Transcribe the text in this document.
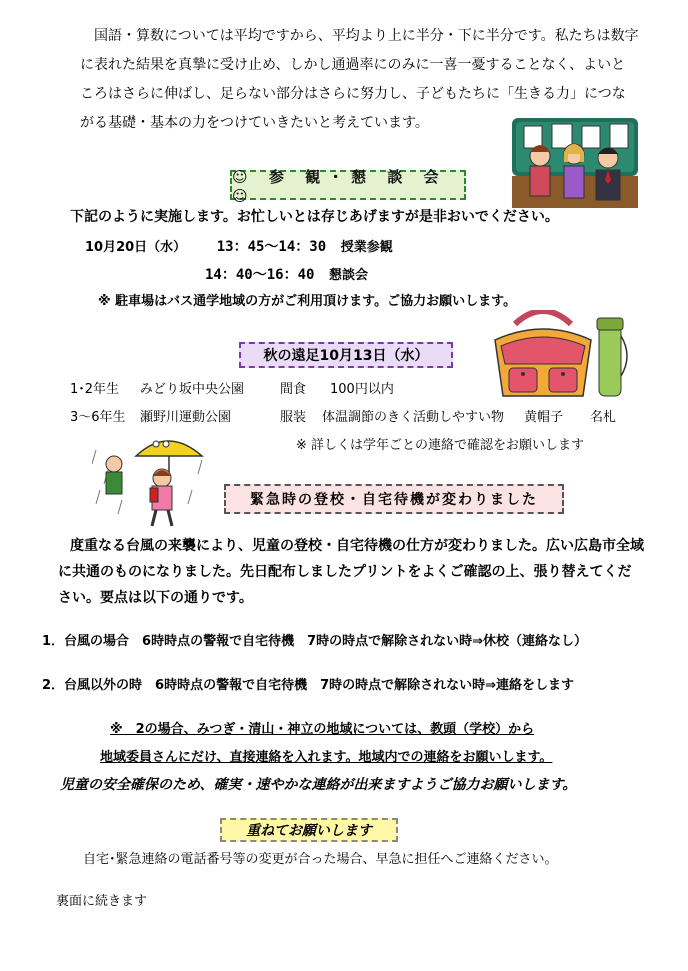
国語・算数については平均ですから、平均より上に半分・下に半分です。私たちは数字
に表れた結果を真摯に受け止め、しかし通過率にのみに一喜一憂することなく、よいと
ころはさらに伸ばし、足らない部分はさらに努力し、子どもたちに「生きる力」につな
がる基礎・基本の力をつけていきたいと考えています。
☺ 参 観・懇 談 会 ☺
下記のように実施します。お忙しいとは存じあげますが是非おいでください。
10月20日（水） 13：45～14：30 授業参観
14：40～16：40 懇談会
※ 駐車場はバス通学地域の方がご利用頂けます。ご協力お願いします。
秋の遠足10月13日（水）
1･2年生 みどり坂中央公園	間食 100円以内
3～6年生 瀬野川運動公園	服装 体温調節のきく活動しやすい物 黄帽子 名札
※ 詳しくは学年ごとの連絡で確認をお願いします
緊急時の登校・自宅待機が変わりました
度重なる台風の来襲により、児童の登校・自宅待機の仕方が変わりました。広い広島市全域
に共通のものになりました。先日配布しましたプリントをよくご確認の上、張り替えてくだ
さい。要点は以下の通りです。
1．台風の場合　6時時点の警報で自宅待機　7時の時点で解除されない時⇒休校（連絡なし）
2．台風以外の時　6時時点の警報で自宅待機　7時の時点で解除されない時⇒連絡をします
※　2の場合、みつぎ・清山・神立の地域については、教頭（学校）から
地域委員さんにだけ、直接連絡を入れます。地域内での連絡をお願いします。
児童の安全確保のため、確実・速やかな連絡が出来ますようご協力お願いします。
重ねてお願いします
自宅･緊急連絡の電話番号等の変更が合った場合、早急に担任へご連絡ください。
裏面に続きます
